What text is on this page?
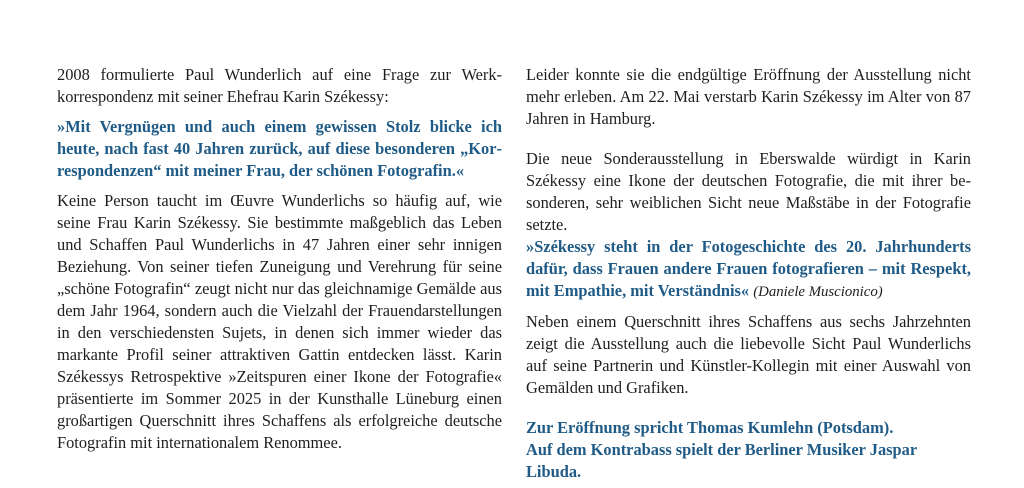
2008 formulierte Paul Wunderlich auf eine Frage zur Werkkorrespondenz mit seiner Ehefrau Karin Székessy:

»Mit Vergnügen und auch einem gewissen Stolz blicke ich heute, nach fast 40 Jahren zurück, auf diese besonderen „Korrespondenzen“ mit meiner Frau, der schönen Fotografin.«

Keine Person taucht im Œuvre Wunderlichs so häufig auf, wie seine Frau Karin Székessy. Sie bestimmte maßgeblich das Leben und Schaffen Paul Wunderlichs in 47 Jahren einer sehr innigen Beziehung. Von seiner tiefen Zuneigung und Verehrung für seine „schöne Fotografin“ zeugt nicht nur das gleichnamige Gemälde aus dem Jahr 1964, sondern auch die Vielzahl der Frauendarstellungen in den verschiedensten Sujets, in denen sich immer wieder das markante Profil seiner attraktiven Gattin entdecken lässt. Karin Székessys Retrospektive »Zeitspuren einer Ikone der Fotografie« präsentierte im Sommer 2025 in der Kunsthalle Lüneburg einen großartigen Querschnitt ihres Schaffens als erfolgreiche deutsche Fotografin mit internationalem Renommee.

Leider konnte sie die endgültige Eröffnung der Ausstellung nicht mehr erleben. Am 22. Mai verstarb Karin Székessy im Alter von 87 Jahren in Hamburg.

Die neue Sonderausstellung in Eberswalde würdigt in Karin Székessy eine Ikone der deutschen Fotografie, die mit ihrer besonderen, sehr weiblichen Sicht neue Maßstäbe in der Fotografie setzte.

»Székessy steht in der Fotogeschichte des 20. Jahrhunderts dafür, dass Frauen andere Frauen fotografieren – mit Respekt, mit Empathie, mit Verständnis« (Daniele Muscionico)

Neben einem Querschnitt ihres Schaffens aus sechs Jahrzehnten zeigt die Ausstellung auch die liebevolle Sicht Paul Wunderlichs auf seine Partnerin und Künstler-Kollegin mit einer Auswahl von Gemälden und Grafiken.

Zur Eröffnung spricht Thomas Kumlehn (Potsdam).

Auf dem Kontrabass spielt der Berliner Musiker Jaspar Libuda.
